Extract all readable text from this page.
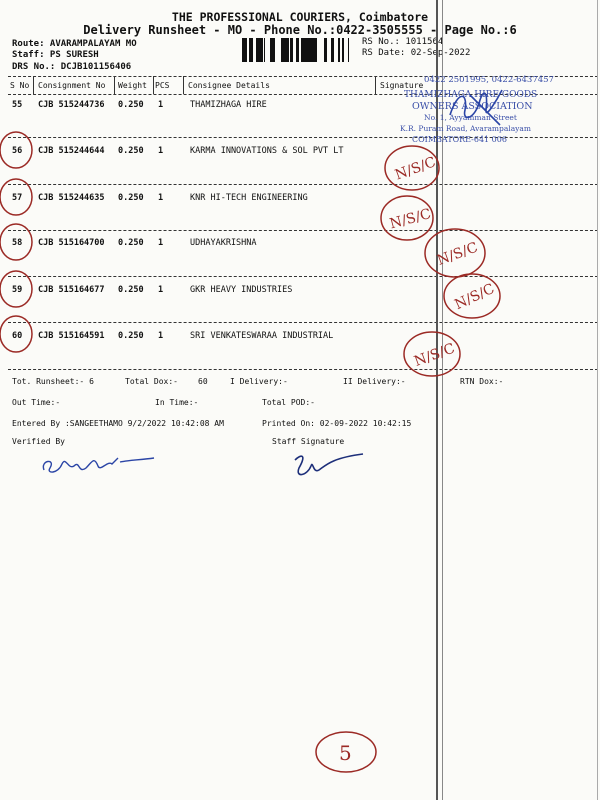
THE PROFESSIONAL COURIERS, Coimbatore
Delivery Runsheet - MO - Phone No.:0422-3505555 - Page No.:6
Route: AVARAMPALAYAM MO
Staff: PS SURESH
DRS No.: DCJB101156406
RS No.: 1011564
RS Date: 02-Sep-2022
S No Consignment No Weight PCS Consignee Details	Signature
55 CJB 515244736 0.250 1	THAMIZHAGA HIRE
56 CJB 515244644 0.250 1	KARMA INNOVATIONS & SOL PVT LT
57 CJB 515244635 0.250 1	KNR HI-TECH ENGINEERING
58 CJB 515164700 0.250 1	UDHAYAKRISHNA
59 CJB 515164677 0.250 1	GKR HEAVY INDUSTRIES
60 CJB 515164591 0.250 1	SRI VENKATESWARAA INDUSTRIAL
0422 2501995, 0422-6437457
THAMIZHAGA HIRE GOODS
OWNERS ASSOCIATION
No. 1, Ayyamman Street
K.R. Puram Road, Avarampalayam
COIMBATORE-641 006
N/S/C
N/S/C
N/S/C
N/S/C
N/S/C
Tot. Runsheet:- 6	Total Dox:-	60	I Delivery:-	II Delivery:-	RTN Dox:-
Out Time:-	In Time:-	Total POD:-
Entered By :SANGEETHAMO 9/2/2022 10:42:08 AM	Printed On: 02-09-2022 10:42:15
Verified By	Staff Signature
5
